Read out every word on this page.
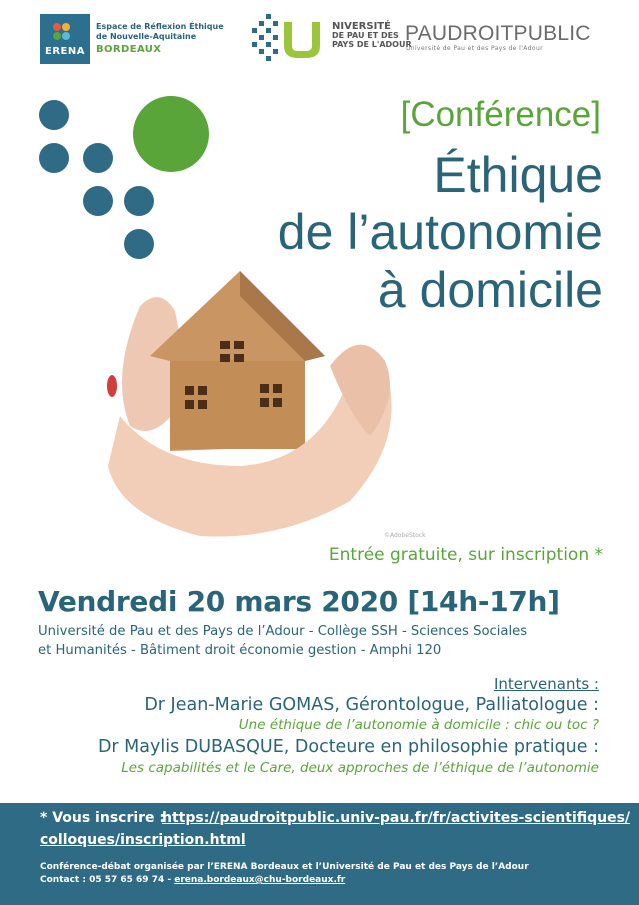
ERENA
Espace de Réflexion Éthique
de Nouvelle-Aquitaine
BORDEAUX
NIVERSITÉ
DE PAU ET DES
PAYS DE L'ADOUR
PAUDROITPUBLIC
Université de Pau et des Pays de l'Adour
[Conférence]
Éthique
de l’autonomie
à domicile
©AdobeStock
Entrée gratuite, sur inscription *
Vendredi 20 mars 2020 [14h-17h]
Université de Pau et des Pays de l’Adour - Collège SSH - Sciences Sociales
et Humanités - Bâtiment droit économie gestion - Amphi 120
Intervenants :
Dr Jean-Marie GOMAS, Gérontologue, Palliatologue :
Une éthique de l’autonomie à domicile : chic ou toc ?
Dr Maylis DUBASQUE, Docteure en philosophie pratique :
Les capabilités et le Care, deux approches de l’éthique de l’autonomie
* Vous inscrire :
https://paudroitpublic.univ-pau.fr/fr/activites-scientifiques/
colloques/inscription.html
Conférence-débat organisée par l’ERENA Bordeaux et l’Université de Pau et des Pays de l’Adour
Contact : 05 57 65 69 74 - erena.bordeaux@chu-bordeaux.fr
